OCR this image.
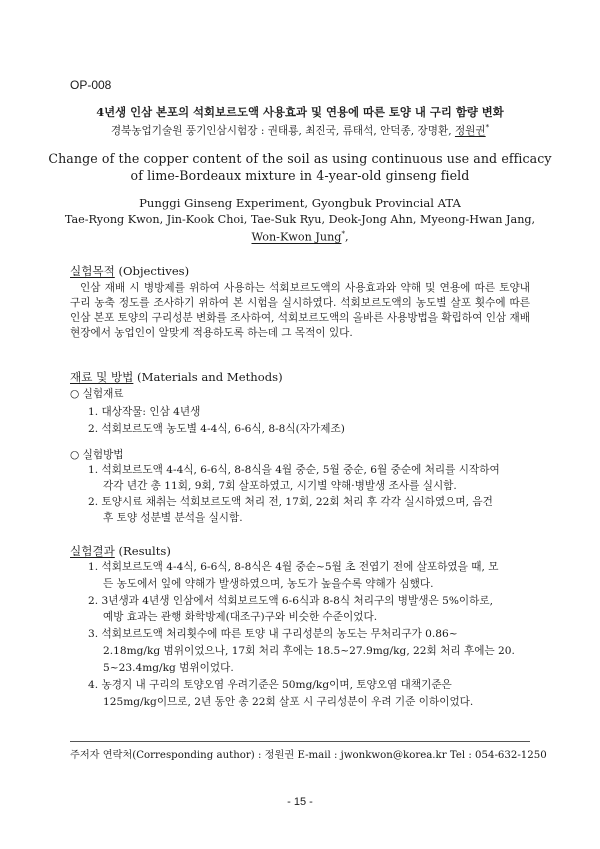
OP-008
4년생 인삼 본포의 석회보르도액 사용효과 및 연용에 따른 토양 내 구리 함량 변화
경북농업기술원 풍기인삼시험장 : 권태룡, 최진국, 류태석, 안덕종, 장명환, 정원권*
Change of the copper content of the soil as using continuous use and efficacy
of lime-Bordeaux mixture in 4-year-old ginseng field
Punggi Ginseng Experiment, Gyongbuk Provincial ATA
Tae-Ryong Kwon, Jin-Kook Choi, Tae-Suk Ryu, Deok-Jong Ahn, Myeong-Hwan Jang,
Won-Kwon Jung*,
실험목적 (Objectives)
인삼 재배 시 병방제를 위하여 사용하는 석회보르도액의 사용효과와 약해 및 연용에 따른 토양내 구리 농축 정도를 조사하기 위하여 본 시험을 실시하였다. 석회보르도액의 농도별 살포 횟수에 따른 인삼 본포 토양의 구리성분 변화를 조사하여, 석회보르도액의 올바른 사용방법을 확립하여 인삼 재배 현장에서 농업인이 알맞게 적용하도록 하는데 그 목적이 있다.
재료 및 방법 (Materials and Methods)
○ 실험재료
1. 대상작물: 인삼 4년생
2. 석회보르도액 농도별 4-4식, 6-6식, 8-8식(자가제조)
○ 실험방법
1. 석회보르도액 4-4식, 6-6식, 8-8식을 4월 중순, 5월 중순, 6월 중순에 처리를 시작하여
각각 년간 총 11회, 9회, 7회 살포하였고, 시기별 약해·병발생 조사를 실시함.
2. 토양시료 채취는 석회보르도액 처리 전, 17회, 22회 처리 후 각각 실시하였으며, 음건
후 토양 성분별 분석을 실시함.
실험결과 (Results)
1. 석회보르도액 4-4식, 6-6식, 8-8식은 4월 중순~5월 초 전엽기 전에 살포하였을 때, 모
든 농도에서 잎에 약해가 발생하였으며, 농도가 높을수록 약해가 심했다.
2. 3년생과 4년생 인삼에서 석회보르도액 6-6식과 8-8식 처리구의 병발생은 5%이하로,
예방 효과는 관행 화학방제(대조구)구와 비슷한 수준이었다.
3. 석회보르도액 처리횟수에 따른 토양 내 구리성분의 농도는 무처리구가 0.86~
2.18mg/kg 범위이었으나, 17회 처리 후에는 18.5~27.9mg/kg, 22회 처리 후에는 20.
5~23.4mg/kg 범위이었다.
4. 농경지 내 구리의 토양오염 우려기준은 50mg/kg이며, 토양오염 대책기준은
125mg/kg이므로, 2년 동안 총 22회 살포 시 구리성분이 우려 기준 이하이었다.
주저자 연락처(Corresponding author) : 정원권 E-mail : jwonkwon@korea.kr Tel : 054-632-1250
- 15 -
